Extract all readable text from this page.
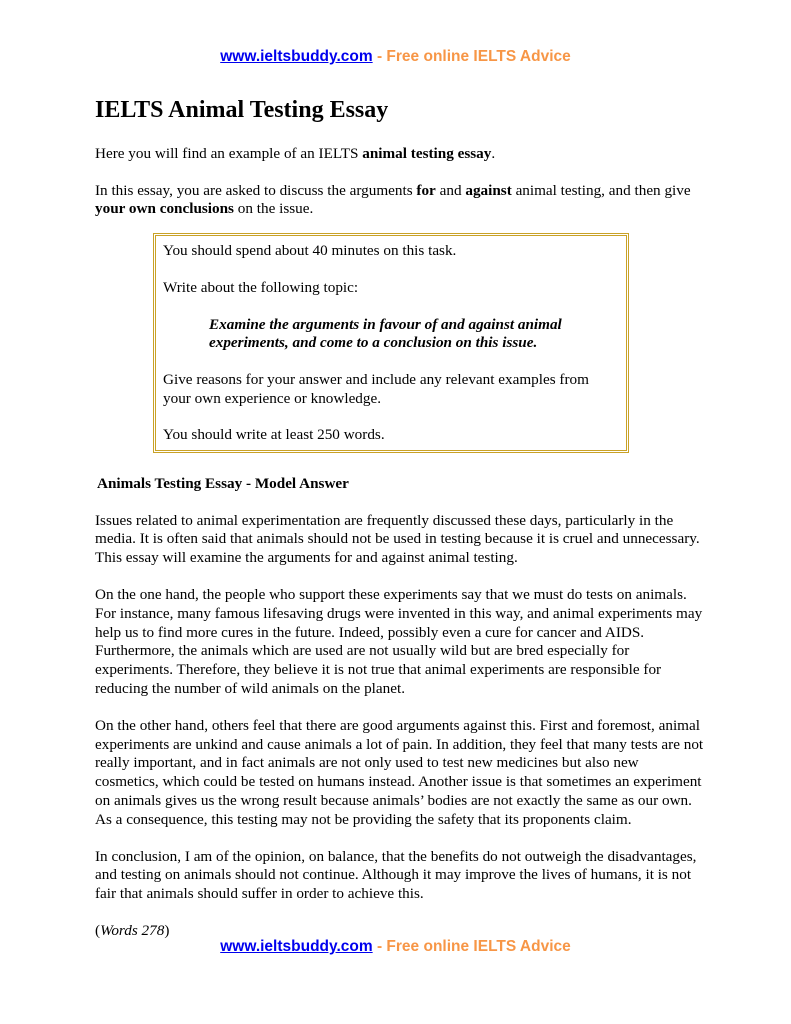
www.ieltsbuddy.com - Free online IELTS Advice
IELTS Animal Testing Essay

Here you will find an example of an IELTS animal testing essay.

In this essay, you are asked to discuss the arguments for and against animal testing, and then give your own conclusions on the issue.

You should spend about 40 minutes on this task.

Write about the following topic:

Examine the arguments in favour of and against animal experiments, and come to a conclusion on this issue.

Give reasons for your answer and include any relevant examples from your own experience or knowledge.

You should write at least 250 words.

Animals Testing Essay - Model Answer

Issues related to animal experimentation are frequently discussed these days, particularly in the media. It is often said that animals should not be used in testing because it is cruel and unnecessary. This essay will examine the arguments for and against animal testing.

On the one hand, the people who support these experiments say that we must do tests on animals. For instance, many famous lifesaving drugs were invented in this way, and animal experiments may help us to find more cures in the future. Indeed, possibly even a cure for cancer and AIDS. Furthermore, the animals which are used are not usually wild but are bred especially for experiments. Therefore, they believe it is not true that animal experiments are responsible for reducing the number of wild animals on the planet.

On the other hand, others feel that there are good arguments against this. First and foremost, animal experiments are unkind and cause animals a lot of pain. In addition, they feel that many tests are not really important, and in fact animals are not only used to test new medicines but also new cosmetics, which could be tested on humans instead. Another issue is that sometimes an experiment on animals gives us the wrong result because animals’ bodies are not exactly the same as our own. As a consequence, this testing may not be providing the safety that its proponents claim.

In conclusion, I am of the opinion, on balance, that the benefits do not outweigh the disadvantages, and testing on animals should not continue. Although it may improve the lives of humans, it is not fair that animals should suffer in order to achieve this.

(Words 278)

www.ieltsbuddy.com - Free online IELTS Advice
